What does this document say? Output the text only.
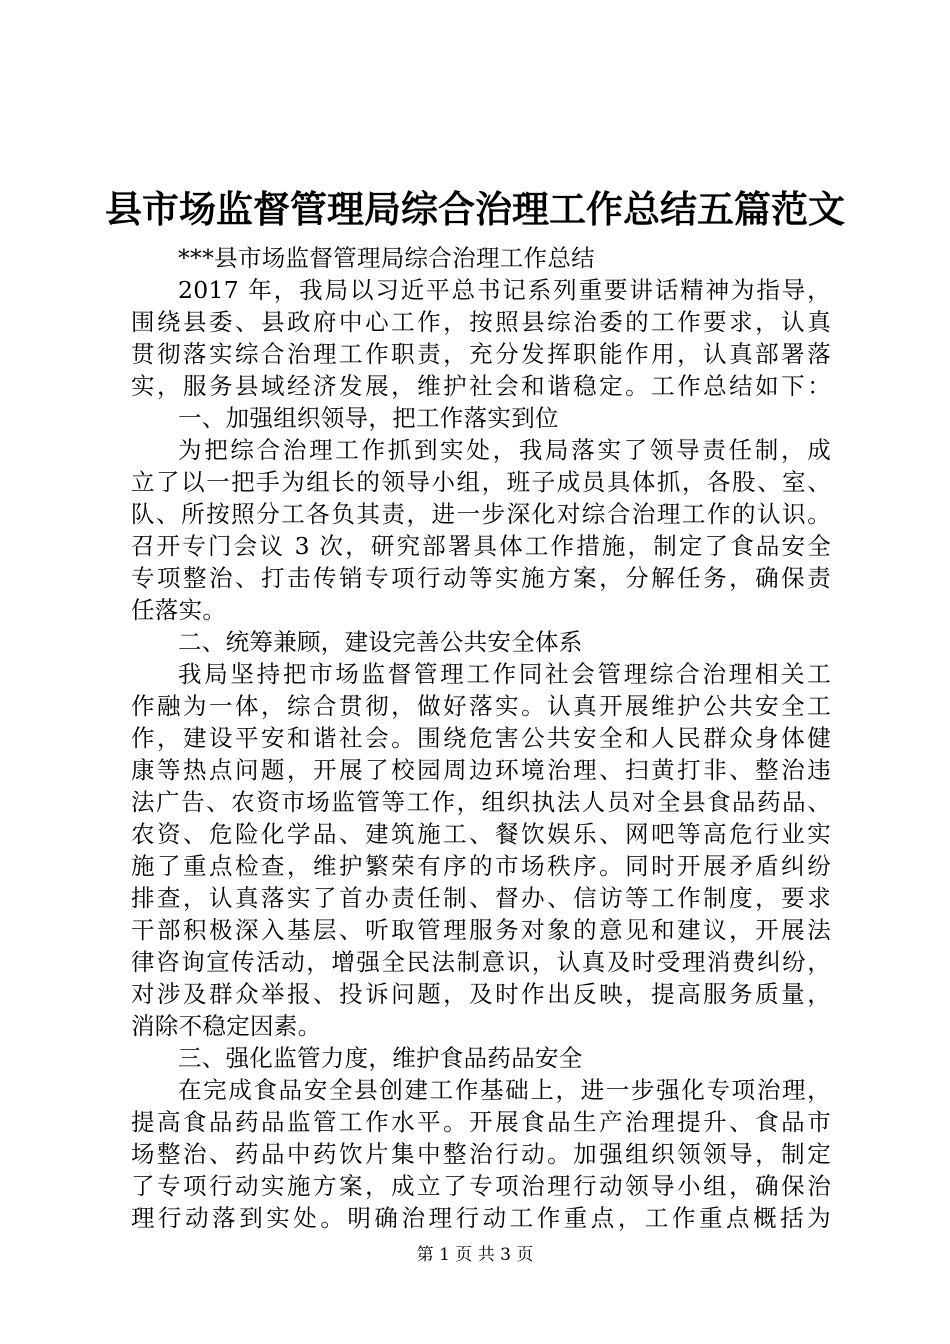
县市场监督管理局综合治理工作总结五篇范文
***县市场监督管理局综合治理工作总结
2017 年，我局以习近平总书记系列重要讲话精神为指导，
围绕县委、县政府中心工作，按照县综治委的工作要求，认真
贯彻落实综合治理工作职责，充分发挥职能作用，认真部署落
实，服务县域经济发展，维护社会和谐稳定。工作总结如下：
一、加强组织领导，把工作落实到位
为把综合治理工作抓到实处，我局落实了领导责任制，成
立了以一把手为组长的领导小组，班子成员具体抓，各股、室、
队、所按照分工各负其责，进一步深化对综合治理工作的认识。
召开专门会议 3 次，研究部署具体工作措施，制定了食品安全
专项整治、打击传销专项行动等实施方案，分解任务，确保责
任落实。
二、统筹兼顾，建设完善公共安全体系
我局坚持把市场监督管理工作同社会管理综合治理相关工
作融为一体，综合贯彻，做好落实。认真开展维护公共安全工
作，建设平安和谐社会。围绕危害公共安全和人民群众身体健
康等热点问题，开展了校园周边环境治理、扫黄打非、整治违
法广告、农资市场监管等工作，组织执法人员对全县食品药品、
农资、危险化学品、建筑施工、餐饮娱乐、网吧等高危行业实
施了重点检查，维护繁荣有序的市场秩序。同时开展矛盾纠纷
排查，认真落实了首办责任制、督办、信访等工作制度，要求
干部积极深入基层、听取管理服务对象的意见和建议，开展法
律咨询宣传活动，增强全民法制意识，认真及时受理消费纠纷，
对涉及群众举报、投诉问题，及时作出反映，提高服务质量，
消除不稳定因素。
三、强化监管力度，维护食品药品安全
在完成食品安全县创建工作基础上，进一步强化专项治理，
提高食品药品监管工作水平。开展食品生产治理提升、食品市
场整治、药品中药饮片集中整治行动。加强组织领领导，制定
了专项行动实施方案，成立了专项治理行动领导小组，确保治
理行动落到实处。明确治理行动工作重点，工作重点概括为
第 1 页 共 3 页
